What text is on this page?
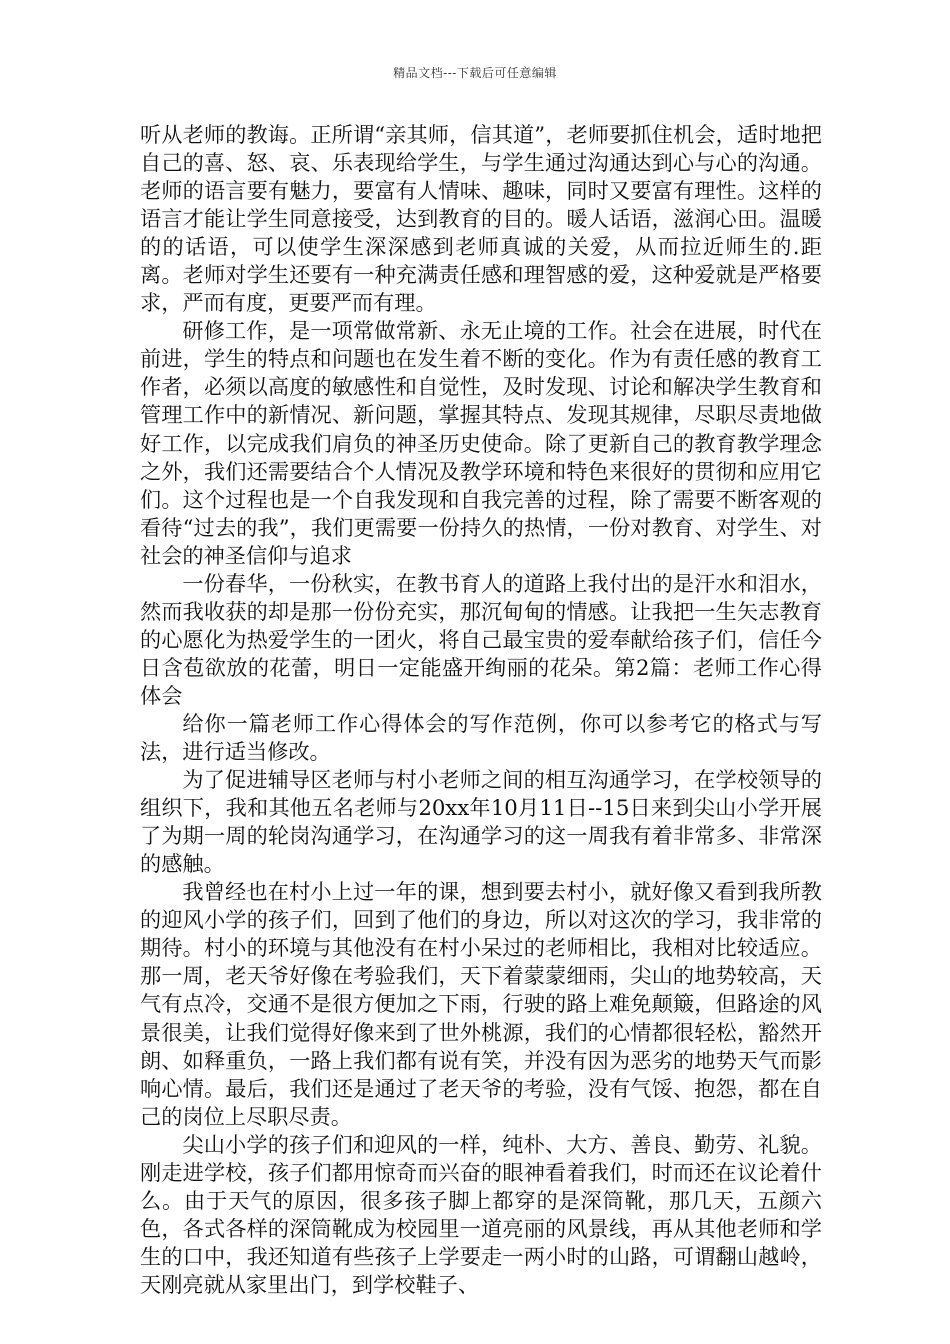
精品文档---下载后可任意编辑

听从老师的教诲。正所谓“亲其师，信其道”，老师要抓住机会，适时地把自己的喜、怒、哀、乐表现给学生，与学生通过沟通达到心与心的沟通。老师的语言要有魅力，要富有人情味、趣味，同时又要富有理性。这样的语言才能让学生同意接受，达到教育的目的。暖人话语，滋润心田。温暖的的话语，可以使学生深深感到老师真诚的关爱，从而拉近师生的.距离。老师对学生还要有一种充满责任感和理智感的爱，这种爱就是严格要求，严而有度，更要严而有理。

研修工作，是一项常做常新、永无止境的工作。社会在进展，时代在前进，学生的特点和问题也在发生着不断的变化。作为有责任感的教育工作者，必须以高度的敏感性和自觉性，及时发现、讨论和解决学生教育和管理工作中的新情况、新问题，掌握其特点、发现其规律，尽职尽责地做好工作，以完成我们肩负的神圣历史使命。除了更新自己的教育教学理念之外，我们还需要结合个人情况及教学环境和特色来很好的贯彻和应用它们。这个过程也是一个自我发现和自我完善的过程，除了需要不断客观的看待“过去的我”，我们更需要一份持久的热情，一份对教育、对学生、对社会的神圣信仰与追求

一份春华，一份秋实，在教书育人的道路上我付出的是汗水和泪水，然而我收获的却是那一份份充实，那沉甸甸的情感。让我把一生矢志教育的心愿化为热爱学生的一团火，将自己最宝贵的爱奉献给孩子们，信任今日含苞欲放的花蕾，明日一定能盛开绚丽的花朵。第2篇：老师工作心得体会

给你一篇老师工作心得体会的写作范例，你可以参考它的格式与写法，进行适当修改。

为了促进辅导区老师与村小老师之间的相互沟通学习，在学校领导的组织下，我和其他五名老师与20xx年10月11日--15日来到尖山小学开展了为期一周的轮岗沟通学习，在沟通学习的这一周我有着非常多、非常深的感触。

我曾经也在村小上过一年的课，想到要去村小，就好像又看到我所教的迎风小学的孩子们，回到了他们的身边，所以对这次的学习，我非常的期待。村小的环境与其他没有在村小呆过的老师相比，我相对比较适应。那一周，老天爷好像在考验我们，天下着蒙蒙细雨，尖山的地势较高，天气有点冷，交通不是很方便加之下雨，行驶的路上难免颠簸，但路途的风景很美，让我们觉得好像来到了世外桃源，我们的心情都很轻松，豁然开朗、如释重负，一路上我们都有说有笑，并没有因为恶劣的地势天气而影响心情。最后，我们还是通过了老天爷的考验，没有气馁、抱怨，都在自己的岗位上尽职尽责。

尖山小学的孩子们和迎风的一样，纯朴、大方、善良、勤劳、礼貌。刚走进学校，孩子们都用惊奇而兴奋的眼神看着我们，时而还在议论着什么。由于天气的原因，很多孩子脚上都穿的是深筒靴，那几天，五颜六色，各式各样的深筒靴成为校园里一道亮丽的风景线，再从其他老师和学生的口中，我还知道有些孩子上学要走一两小时的山路，可谓翻山越岭，天刚亮就从家里出门，到学校鞋子、
